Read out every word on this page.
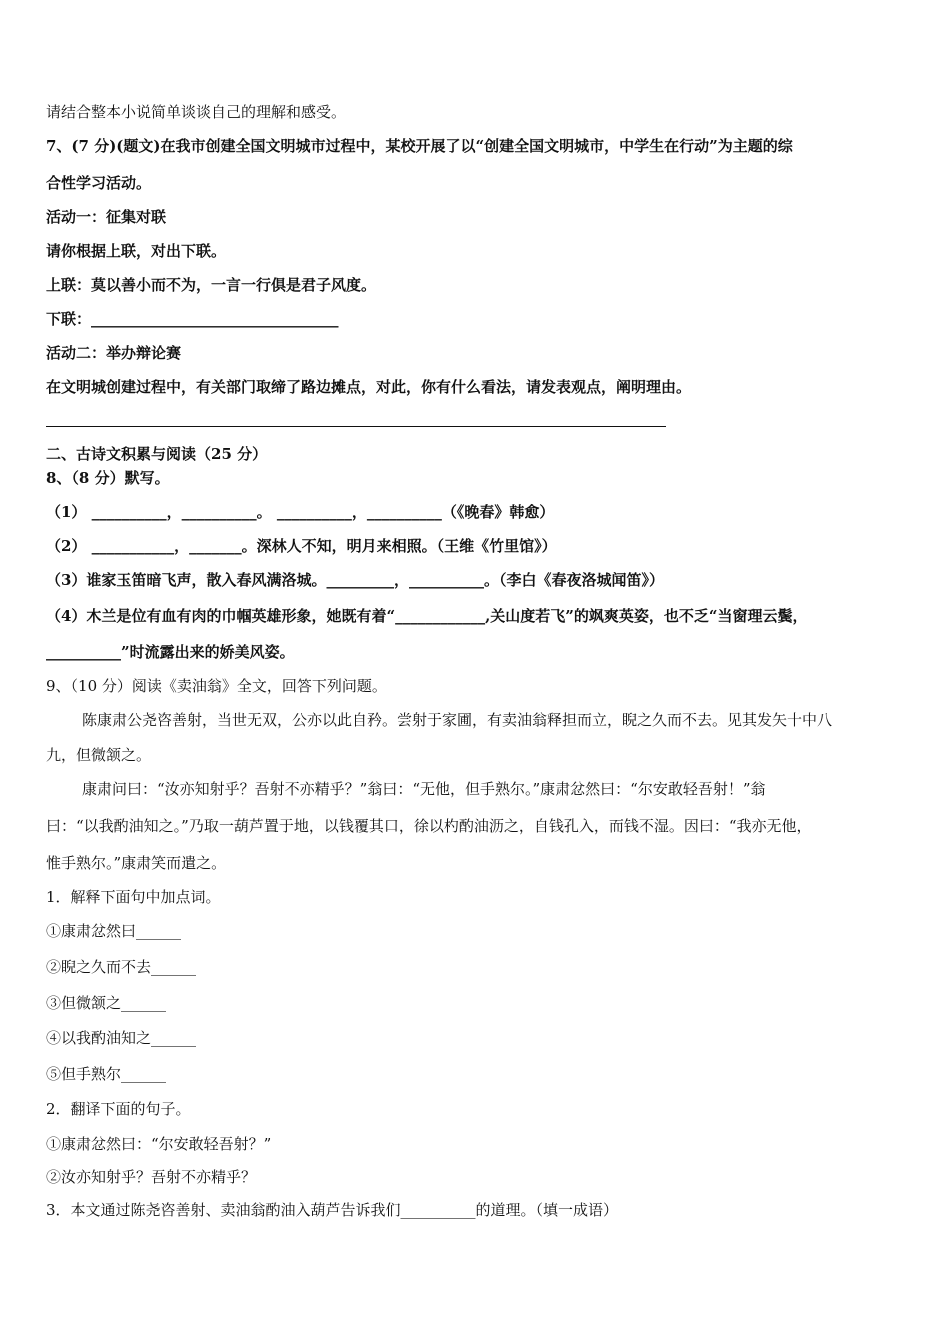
请结合整本小说简单谈谈自己的理解和感受。
7、(7 分)(题文)在我市创建全国文明城市过程中，某校开展了以“创建全国文明城市，中学生在行动”为主题的综
合性学习活动。
活动一：征集对联
请你根据上联，对出下联。
上联：莫以善小而不为，一言一行俱是君子风度。
下联：_________________________________
活动二：举办辩论赛
在文明城创建过程中，有关部门取缔了路边摊点，对此，你有什么看法，请发表观点，阐明理由。
二、古诗文积累与阅读（25 分）
8、（8 分）默写。
（1） __________，__________。 __________，__________（《晚春》韩愈）
（2） ___________，_______。深林人不知，明月来相照。（王维《竹里馆》）
（3）谁家玉笛暗飞声，散入春风满洛城。_________，__________。（李白《春夜洛城闻笛》）
（4）木兰是位有血有肉的巾帼英雄形象，她既有着“____________,关山度若飞”的飒爽英姿，也不乏“当窗理云鬓，
__________”时流露出来的娇美风姿。
9、（10 分）阅读《卖油翁》全文，回答下列问题。
陈康肃公尧咨善射，当世无双，公亦以此自矜。尝射于家圃，有卖油翁释担而立，睨之久而不去。见其发矢十中八
九，但微颔之。
康肃问曰：“汝亦知射乎？吾射不亦精乎？”翁曰：“无他，但手熟尔。”康肃忿然曰：“尔安敢轻吾射！”翁
曰：“以我酌油知之。”乃取一葫芦置于地，以钱覆其口，徐以杓酌油沥之，自钱孔入，而钱不湿。因曰：“我亦无他，
惟手熟尔。”康肃笑而遣之。
1．解释下面句中加点词。
①康肃忿然曰______
②睨之久而不去______
③但微颔之______
④以我酌油知之______
⑤但手熟尔______
2．翻译下面的句子。
①康肃忿然曰：“尔安敢轻吾射？”
②汝亦知射乎？吾射不亦精乎？
3．本文通过陈尧咨善射、卖油翁酌油入葫芦告诉我们__________的道理。（填一成语）
